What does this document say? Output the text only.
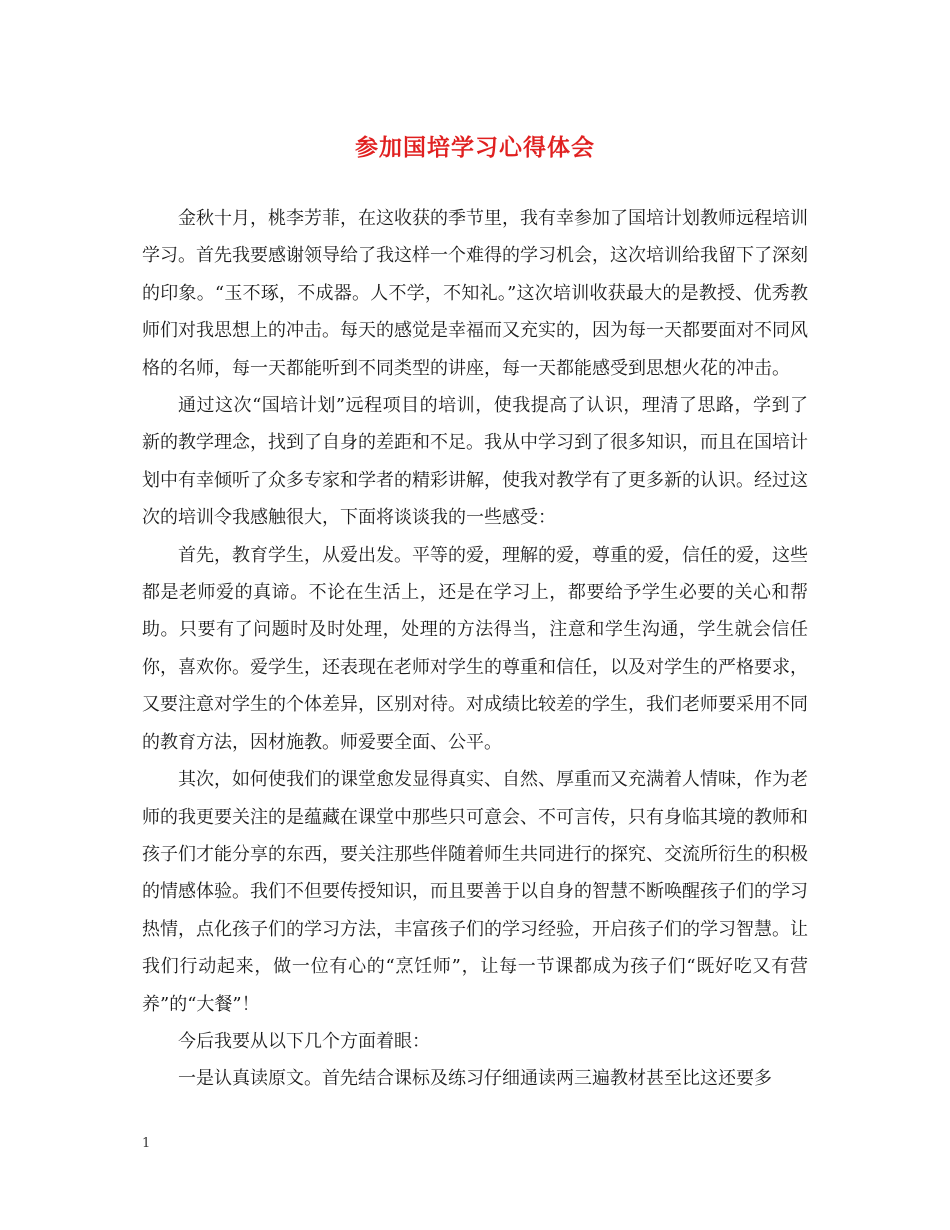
参加国培学习心得体会

金秋十月，桃李芳菲，在这收获的季节里，我有幸参加了国培计划教师远程培训学习。首先我要感谢领导给了我这样一个难得的学习机会，这次培训给我留下了深刻的印象。“玉不琢，不成器。人不学，不知礼。”这次培训收获最大的是教授、优秀教师们对我思想上的冲击。每天的感觉是幸福而又充实的，因为每一天都要面对不同风格的名师，每一天都能听到不同类型的讲座，每一天都能感受到思想火花的冲击。

通过这次“国培计划”远程项目的培训，使我提高了认识，理清了思路，学到了新的教学理念，找到了自身的差距和不足。我从中学习到了很多知识，而且在国培计划中有幸倾听了众多专家和学者的精彩讲解，使我对教学有了更多新的认识。经过这次的培训令我感触很大，下面将谈谈我的一些感受：

首先，教育学生，从爱出发。平等的爱，理解的爱，尊重的爱，信任的爱，这些都是老师爱的真谛。不论在生活上，还是在学习上，都要给予学生必要的关心和帮助。只要有了问题时及时处理，处理的方法得当，注意和学生沟通，学生就会信任你，喜欢你。爱学生，还表现在老师对学生的尊重和信任，以及对学生的严格要求，又要注意对学生的个体差异，区别对待。对成绩比较差的学生，我们老师要采用不同的教育方法，因材施教。师爱要全面、公平。

其次，如何使我们的课堂愈发显得真实、自然、厚重而又充满着人情味，作为老师的我更要关注的是蕴藏在课堂中那些只可意会、不可言传，只有身临其境的教师和孩子们才能分享的东西，要关注那些伴随着师生共同进行的探究、交流所衍生的积极的情感体验。我们不但要传授知识，而且要善于以自身的智慧不断唤醒孩子们的学习热情，点化孩子们的学习方法，丰富孩子们的学习经验，开启孩子们的学习智慧。让我们行动起来，做一位有心的“烹饪师”，让每一节课都成为孩子们“既好吃又有营养”的“大餐”！

今后我要从以下几个方面着眼：

一是认真读原文。首先结合课标及练习仔细通读两三遍教材甚至比这还要多

1
